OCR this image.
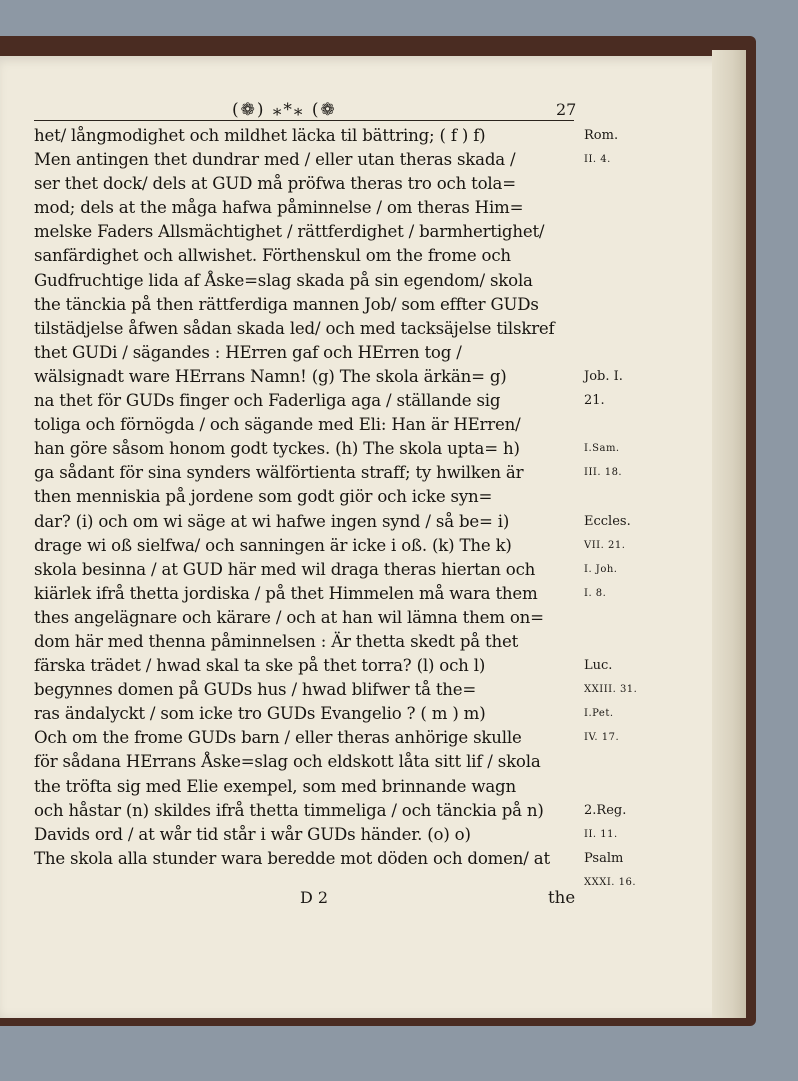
(❁) ⁎*⁎ (❁	27
het/ långmodighet och mildhet läcka til bättring; ( f ) f)
Men antingen thet dundrar med / eller utan theras skada /
ser thet dock/ dels at GUD må pröfwa theras tro och tola=
mod; dels at the måga hafwa påminnelse / om theras Him=
melske Faders Allsmächtighet / rättferdighet / barmhertighet/
sanfärdighet och allwishet. Förthenskul om the frome och
Gudfruchtige lida af Åske=slag skada på sin egendom/ skola
the tänckia på then rättferdiga mannen Job/ som effter GUDs
tilstädjelse åfwen sådan skada led/ och med tacksäjelse tilskref
thet GUDi / sägandes : HErren gaf och HErren tog /
wälsignadt ware HErrans Namn! (g) The skola ärkän= g)
na thet för GUDs finger och Faderliga aga / ställande sig
toliga och förnögda / och sägande med Eli: Han är HErren/
han göre såsom honom godt tyckes. (h) The skola upta= h)
ga sådant för sina synders wälförtienta straff; ty hwilken är
then menniskia på jordene som godt giör och icke syn=
dar? (i) och om wi säge at wi hafwe ingen synd / så be= i)
drage wi oß sielfwa/ och sanningen är icke i oß. (k) The k)
skola besinna / at GUD här med wil draga theras hiertan och
kiärlek ifrå thetta jordiska / på thet Himmelen må wara them
thes angelägnare och kärare / och at han wil lämna them on=
dom här med thenna påminnelsen : Är thetta skedt på thet
färska trädet / hwad skal ta ske på thet torra? (l) och l)
begynnes domen på GUDs hus / hwad blifwer tå the=
ras ändalyckt / som icke tro GUDs Evangelio ? ( m ) m)
Och om the frome GUDs barn / eller theras anhörige skulle
för sådana HErrans Åske=slag och eldskott låta sitt lif / skola
the tröfta sig med Elie exempel, som med brinnande wagn
och håstar (n) skildes ifrå thetta timmeliga / och tänckia på n)
Davids ord / at wår tid står i wår GUDs händer. (o) o)
The skola alla stunder wara beredde mot döden och domen/ at
Rom.
II. 4.
Job. I.
21.
I.Sam.
III. 18.
Eccles.
VII. 21.
I. Joh.
I. 8.
Luc.
XXIII. 31.
I.Pet.
IV. 17.
2.Reg.
II. 11.
Psalm
XXXI. 16.
D 2	the
